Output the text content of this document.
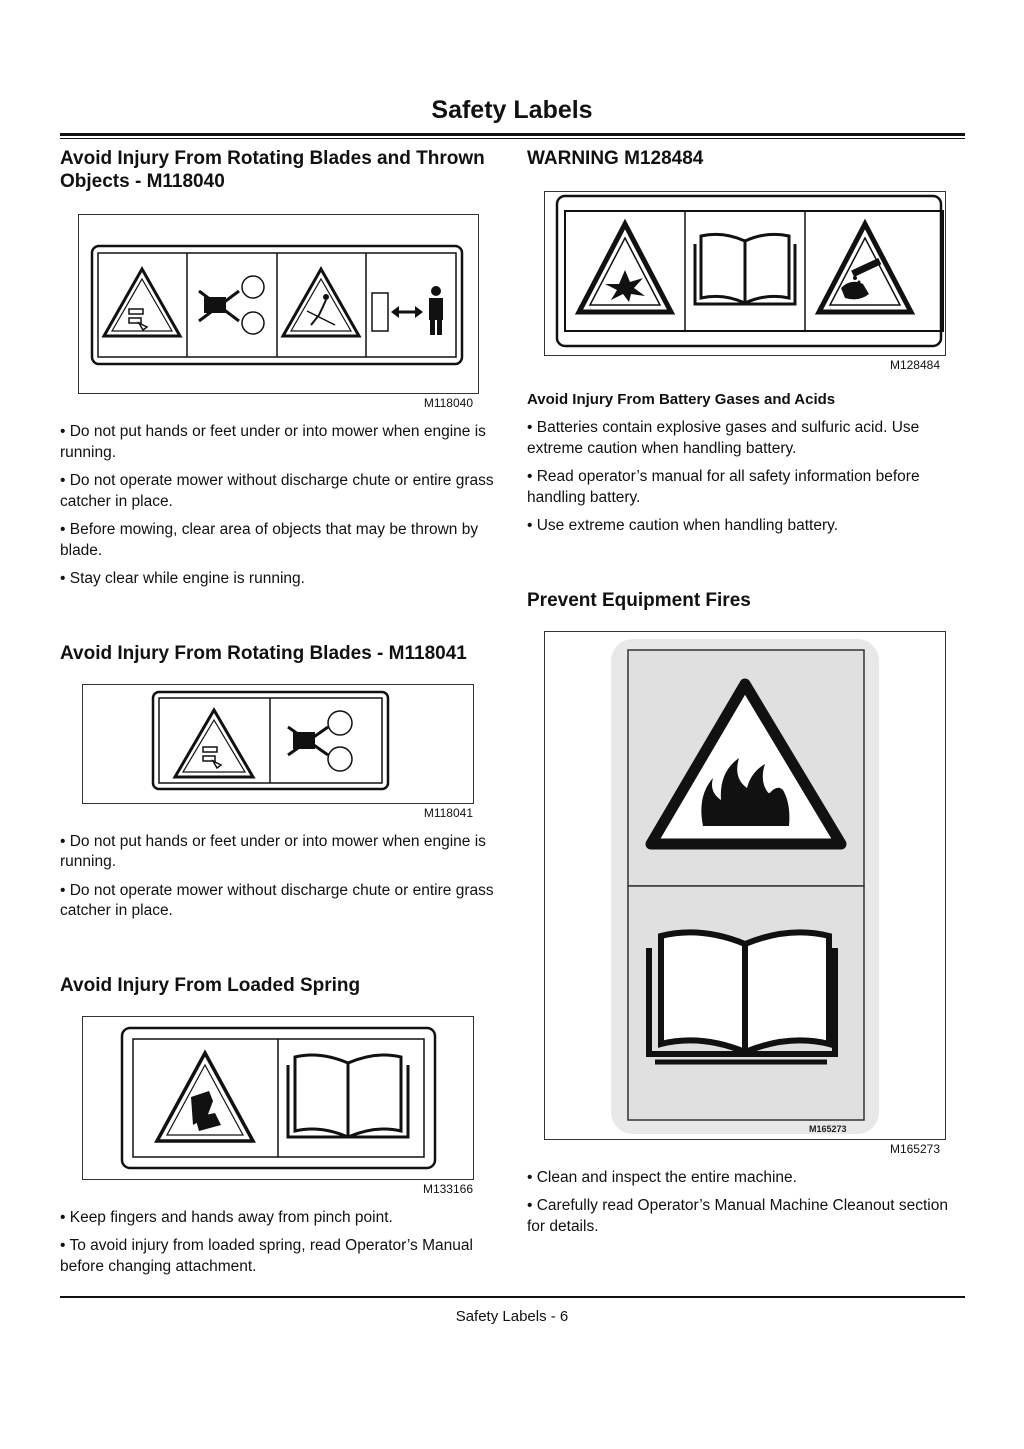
Safety Labels
Avoid Injury From Rotating Blades and Thrown Objects - M118040
M118040

• Do not put hands or feet under or into mower when engine is running.

• Do not operate mower without discharge chute or entire grass catcher in place.

• Before mowing, clear area of objects that may be thrown by blade.

• Stay clear while engine is running.

Avoid Injury From Rotating Blades - M118041
M118041

• Do not put hands or feet under or into mower when engine is running.

• Do not operate mower without discharge chute or entire grass catcher in place.

Avoid Injury From Loaded Spring
M133166

• Keep fingers and hands away from pinch point.

• To avoid injury from loaded spring, read Operator’s Manual before changing attachment.

WARNING M128484
M128484
Avoid Injury From Battery Gases and Acids

• Batteries contain explosive gases and sulfuric acid. Use extreme caution when handling battery.

• Read operator’s manual for all safety information before handling battery.

• Use extreme caution when handling battery.

Prevent Equipment Fires
M165273
M165273

• Clean and inspect the entire machine.

• Carefully read Operator’s Manual Machine Cleanout section for details.

Safety Labels - 6
